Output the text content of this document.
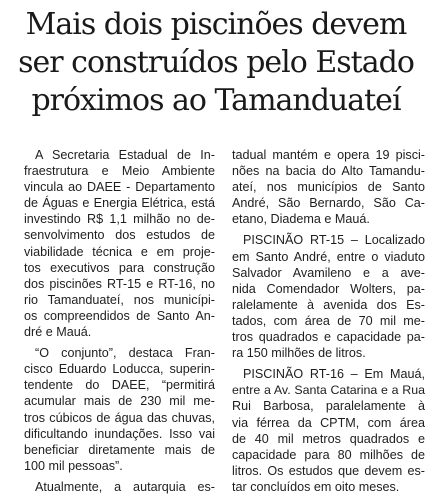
Mais dois piscinões devem
ser construídos pelo Estado
próximos ao Tamanduateí
A Secretaria Estadual de In-
fraestrutura e Meio Ambiente
vincula ao DAEE - Departamento
de Águas e Energia Elétrica, está
investindo R$ 1,1 milhão no de-
senvolvimento dos estudos de
viabilidade técnica e em proje-
tos executivos para construção
dos piscinões RT-15 e RT-16, no
rio Tamanduateí, nos municípi-
os compreendidos de Santo An-
dré e Mauá.
“O conjunto”, destaca Fran-
cisco Eduardo Loducca, superin-
tendente do DAEE, “permitirá
acumular mais de 230 mil me-
tros cúbicos de água das chuvas,
dificultando inundações. Isso vai
beneficiar diretamente mais de
100 mil pessoas”.
Atualmente, a autarquia es-
tadual mantém e opera 19 pisci-
nões na bacia do Alto Tamandu-
ateí, nos municípios de Santo
André, São Bernardo, São Ca-
etano, Diadema e Mauá.
PISCINÃO RT-15 – Localizado
em Santo André, entre o viaduto
Salvador Avamileno e a ave-
nida Comendador Wolters, pa-
ralelamente à avenida dos Es-
tados, com área de 70 mil me-
tros quadrados e capacidade pa-
ra 150 milhões de litros.
PISCINÃO RT-16 – Em Mauá,
entre a Av. Santa Catarina e a Rua
Rui Barbosa, paralelamente à
via férrea da CPTM, com área
de 40 mil metros quadrados e
capacidade para 80 milhões de
litros. Os estudos que devem es-
tar concluídos em oito meses.
